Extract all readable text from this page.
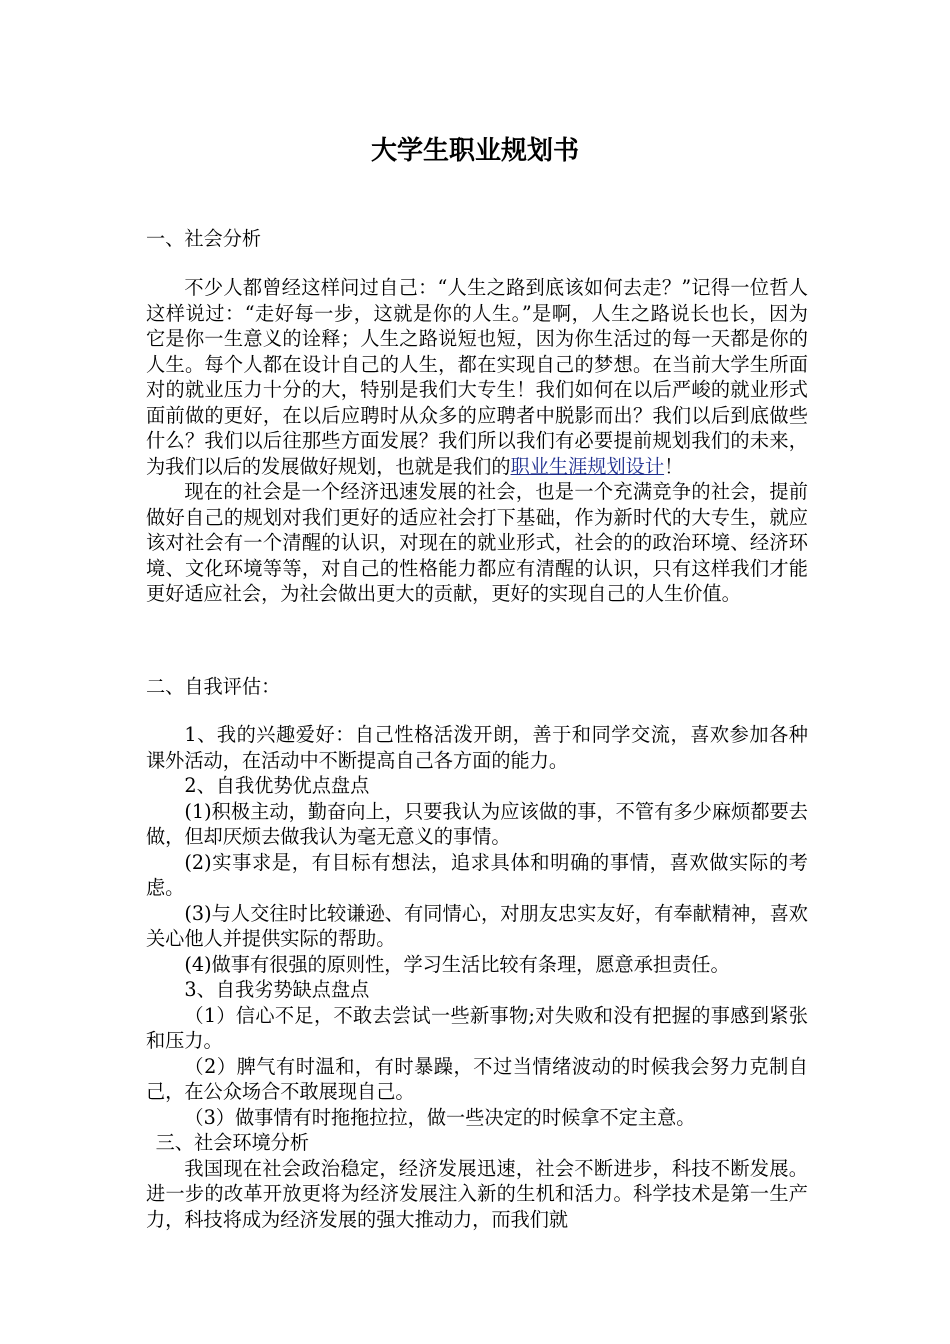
大学生职业规划书

一、社会分析

不少人都曾经这样问过自己：“人生之路到底该如何去走？”记得一位哲人这样说过：“走好每一步，这就是你的人生。”是啊，人生之路说长也长，因为它是你一生意义的诠释；人生之路说短也短，因为你生活过的每一天都是你的人生。每个人都在设计自己的人生，都在实现自己的梦想。在当前大学生所面对的就业压力十分的大，特别是我们大专生！我们如何在以后严峻的就业形式面前做的更好，在以后应聘时从众多的应聘者中脱影而出？我们以后到底做些什么？我们以后往那些方面发展？我们所以我们有必要提前规划我们的未来，为我们以后的发展做好规划，也就是我们的职业生涯规划设计！

现在的社会是一个经济迅速发展的社会，也是一个充满竞争的社会，提前做好自己的规划对我们更好的适应社会打下基础，作为新时代的大专生，就应该对社会有一个清醒的认识，对现在的就业形式，社会的的政治环境、经济环境、文化环境等等，对自己的性格能力都应有清醒的认识，只有这样我们才能更好适应社会，为社会做出更大的贡献，更好的实现自己的人生价值。

二、自我评估：

1、我的兴趣爱好：自己性格活泼开朗，善于和同学交流，喜欢参加各种课外活动，在活动中不断提高自己各方面的能力。

2、自我优势优点盘点

(1)积极主动，勤奋向上，只要我认为应该做的事，不管有多少麻烦都要去做，但却厌烦去做我认为毫无意义的事情。

(2)实事求是，有目标有想法，追求具体和明确的事情，喜欢做实际的考虑。

(3)与人交往时比较谦逊、有同情心，对朋友忠实友好，有奉献精神，喜欢关心他人并提供实际的帮助。

(4)做事有很强的原则性，学习生活比较有条理，愿意承担责任。

3、自我劣势缺点盘点

（1）信心不足，不敢去尝试一些新事物;对失败和没有把握的事感到紧张和压力。

（2）脾气有时温和，有时暴躁，不过当情绪波动的时候我会努力克制自己，在公众场合不敢展现自己。

（3）做事情有时拖拖拉拉，做一些决定的时候拿不定主意。

三、社会环境分析

我国现在社会政治稳定，经济发展迅速，社会不断进步，科技不断发展。进一步的改革开放更将为经济发展注入新的生机和活力。科学技术是第一生产力，科技将成为经济发展的强大推动力，而我们就
